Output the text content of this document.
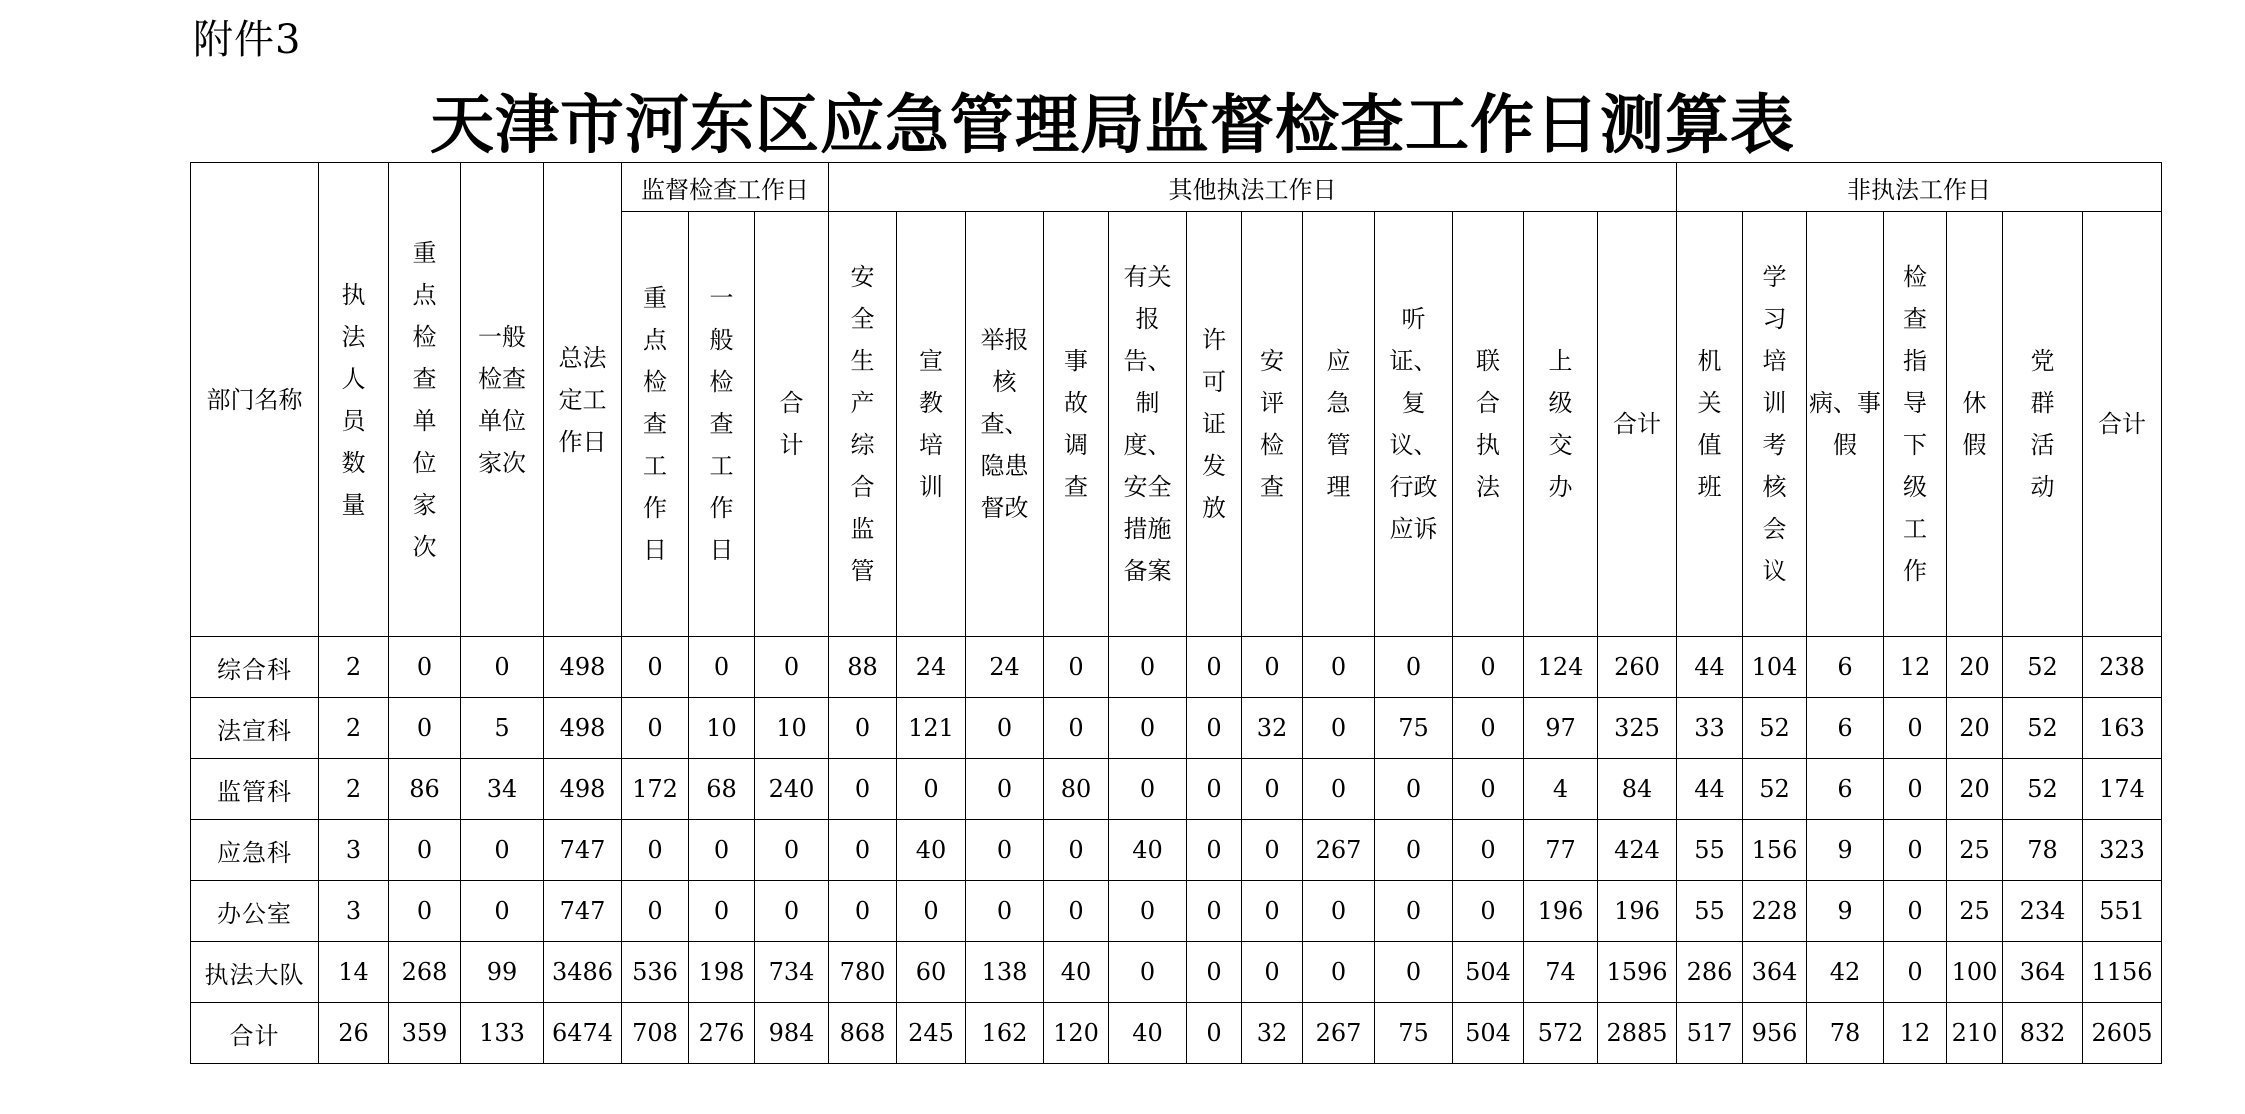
附件3
天津市河东区应急管理局监督检查工作日测算表
部门名称	执法人员数量	重点检查单位家次	一般检查单位家次	总法定工作日	监督检查工作日			其他执法工作日												非执法工作日						
					重点检查工作日	一般检查工作日	合计	安全生产综合监管	宣教培训	举报核查、隐患督改	事故调查	有关报告、制度、安全措施备案	许可证发放	安评检查	应急管理	听证、复议、行政应诉	联合执法	上级交办	合计	机关值班	学习培训考核会议	病、事假	检查指导下级工作	休假	党群活动	合计
综合科	2	0	0	498	0	0	0	88	24	24	0	0	0	0	0	0	0	124	260	44	104	6	12	20	52	238
法宣科	2	0	5	498	0	10	10	0	121	0	0	0	0	32	0	75	0	97	325	33	52	6	0	20	52	163
监管科	2	86	34	498	172	68	240	0	0	0	80	0	0	0	0	0	0	4	84	44	52	6	0	20	52	174
应急科	3	0	0	747	0	0	0	0	40	0	0	40	0	0	267	0	0	77	424	55	156	9	0	25	78	323
办公室	3	0	0	747	0	0	0	0	0	0	0	0	0	0	0	0	0	196	196	55	228	9	0	25	234	551
执法大队	14	268	99	3486	536	198	734	780	60	138	40	0	0	0	0	0	504	74	1596	286	364	42	0	100	364	1156
合计	26	359	133	6474	708	276	984	868	245	162	120	40	0	32	267	75	504	572	2885	517	956	78	12	210	832	2605
